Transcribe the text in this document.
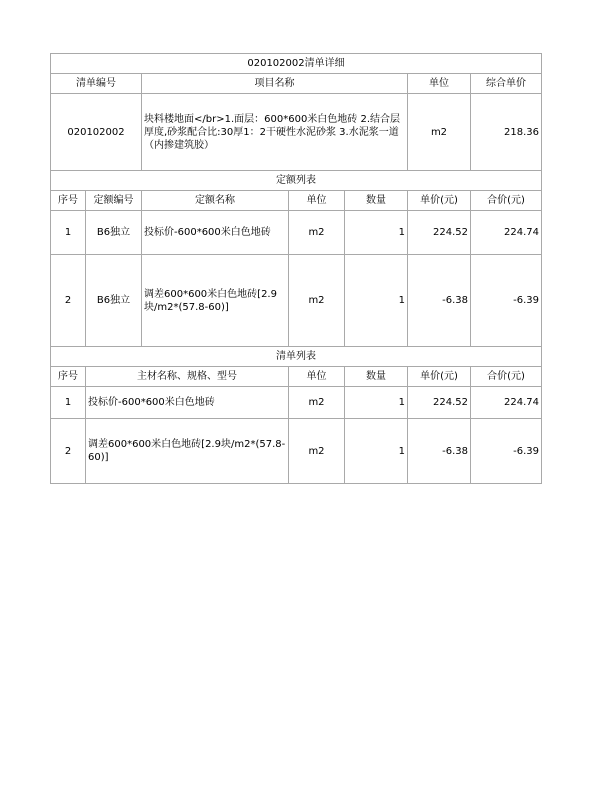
020102002清单详细						
清单编号		项目名称			单位	综合单价
020102002		块料楼地面</br>1.面层：600*600米白色地砖 2.结合层厚度,砂浆配合比:30厚1：2干硬性水泥砂浆 3.水泥浆一道（内掺建筑胶）			m2	218.36
定额列表						
序号	定额编号	定额名称	单位	数量	单价(元)	合价(元)
1	B6独立	投标价-600*600米白色地砖	m2	1	224.52	224.74
2	B6独立	调差600*600米白色地砖[2.9块/m2*(57.8-60)]	m2	1	-6.38	-6.39
清单列表						
序号	主材名称、规格、型号		单位	数量	单价(元)	合价(元)
1	投标价-600*600米白色地砖		m2	1	224.52	224.74
2	调差600*600米白色地砖[2.9块/m2*(57.8-60)]		m2	1	-6.38	-6.39
